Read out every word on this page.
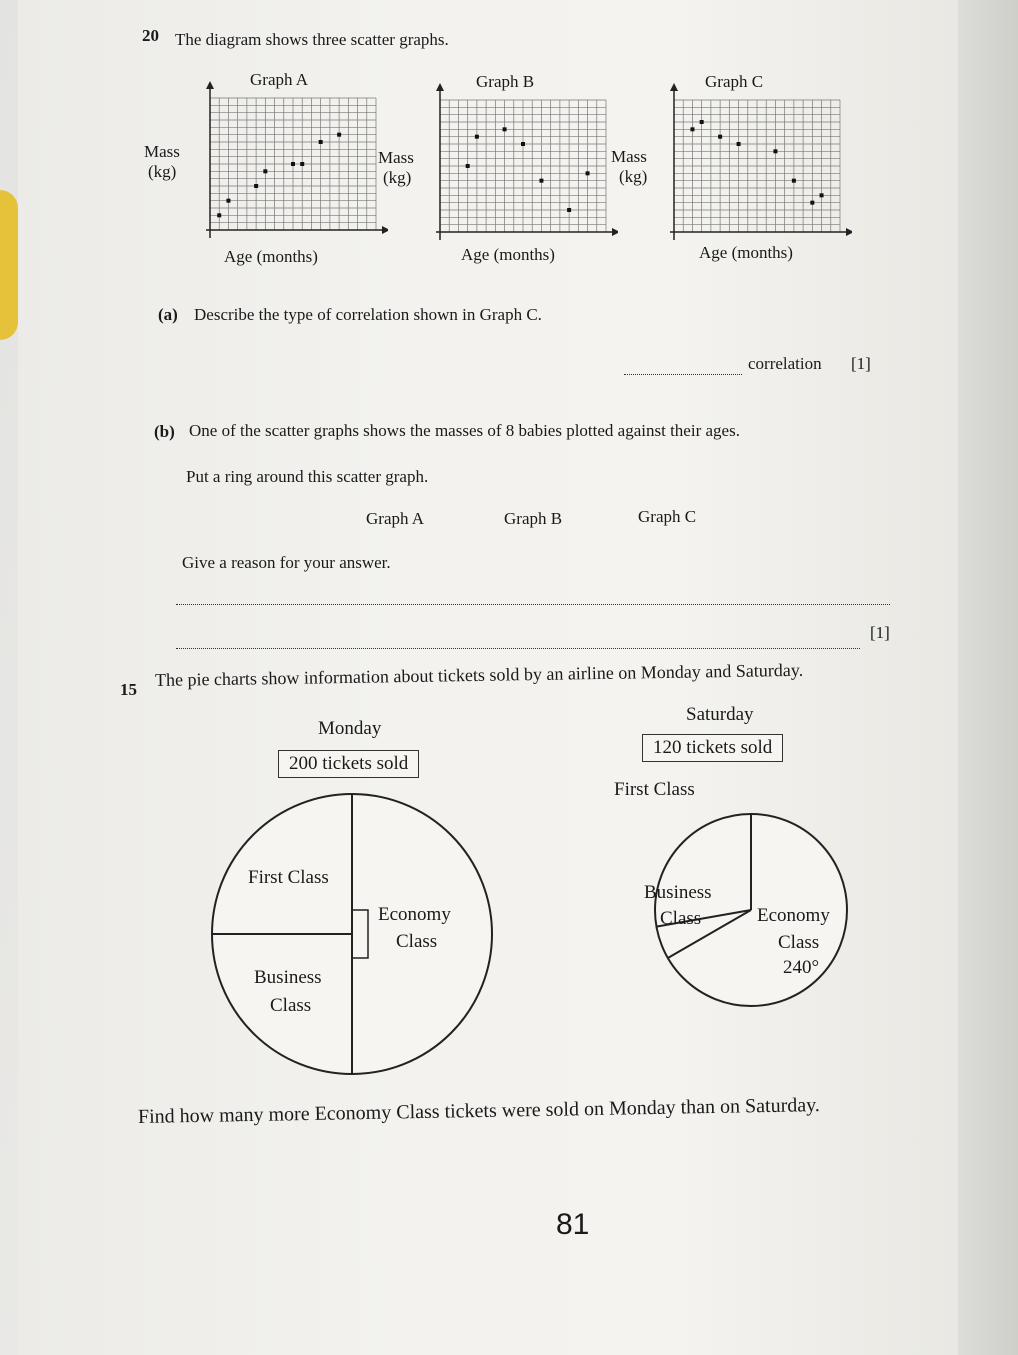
20 The diagram shows three scatter graphs.
Graph A	Graph B	Graph C
Mass
(kg)
Mass
(kg)
Mass
(kg)
Age (months)	Age (months)	Age (months)
(a) Describe the type of correlation shown in Graph C.
correlation [1]
(b) One of the scatter graphs shows the masses of 8 babies plotted against their ages.
Put a ring around this scatter graph.
Graph A	Graph B	Graph C
Give a reason for your answer.
[1]
15 The pie charts show information about tickets sold by an airline on Monday and Saturday.
Monday
200 tickets sold
First Class
Economy
Class
Business
Class
Saturday
120 tickets sold
First Class
Business
Class	Economy
Class
240°
Find how many more Economy Class tickets were sold on Monday than on Saturday.
81
